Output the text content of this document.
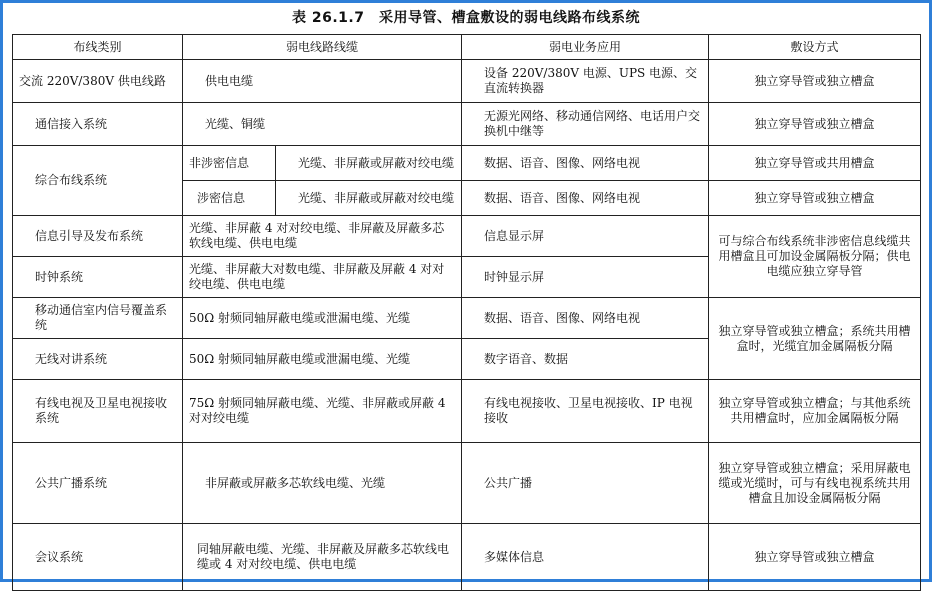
表 26.1.7　采用导管、槽盒敷设的弱电线路布线系统
布线类别	弱电线路线缆		弱电业务应用	敷设方式
交流 220V/380V 供电线路	供电电缆		设备 220V/380V 电源、UPS 电源、交直流转换器	独立穿导管或独立槽盒
通信接入系统	光缆、铜缆		无源光网络、移动通信网络、电话用户交换机中继等	独立穿导管或独立槽盒
综合布线系统	非涉密信息	光缆、非屏蔽或屏蔽对绞电缆	数据、语音、图像、网络电视	独立穿导管或共用槽盒
	涉密信息	光缆、非屏蔽或屏蔽对绞电缆	数据、语音、图像、网络电视	独立穿导管或独立槽盒
信息引导及发布系统	光缆、非屏蔽 4 对对绞电缆、非屏蔽及屏蔽多芯软线电缆、供电电缆		信息显示屏	可与综合布线系统非涉密信息线缆共用槽盒且可加设金属隔板分隔；供电电缆应独立穿导管
时钟系统	光缆、非屏蔽大对数电缆、非屏蔽及屏蔽 4 对对绞电缆、供电电缆		时钟显示屏	
移动通信室内信号覆盖系统	50Ω 射频同轴屏蔽电缆或泄漏电缆、光缆		数据、语音、图像、网络电视	独立穿导管或独立槽盒；系统共用槽盒时，光缆宜加金属隔板分隔
无线对讲系统	50Ω 射频同轴屏蔽电缆或泄漏电缆、光缆		数字语音、数据	
有线电视及卫星电视接收系统	75Ω 射频同轴屏蔽电缆、光缆、非屏蔽或屏蔽 4 对对绞电缆		有线电视接收、卫星电视接收、IP 电视接收	独立穿导管或独立槽盒；与其他系统共用槽盒时，应加金属隔板分隔
公共广播系统	非屏蔽或屏蔽多芯软线电缆、光缆		公共广播	独立穿导管或独立槽盒；采用屏蔽电缆或光缆时，可与有线电视系统共用槽盒且加设金属隔板分隔
会议系统	同轴屏蔽电缆、光缆、非屏蔽及屏蔽多芯软线电缆或 4 对对绞电缆、供电电缆		多媒体信息	独立穿导管或独立槽盒
